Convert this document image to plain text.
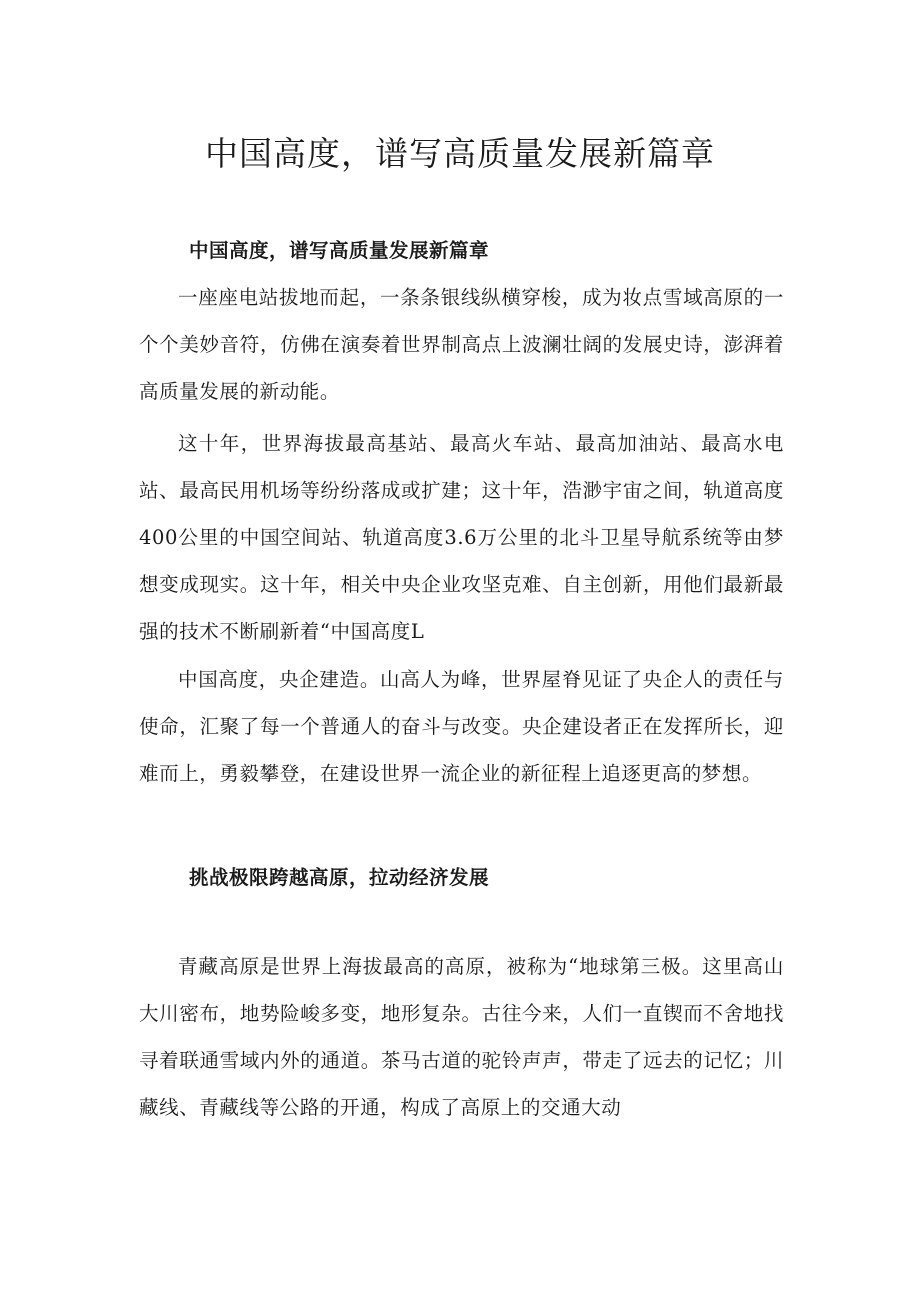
中国高度，谱写高质量发展新篇章
中国高度，谱写高质量发展新篇章

一座座电站拔地而起，一条条银线纵横穿梭，成为妆点雪域高原的一个个美妙音符，仿佛在演奏着世界制高点上波澜壮阔的发展史诗，澎湃着高质量发展的新动能。

这十年，世界海拔最高基站、最高火车站、最高加油站、最高水电站、最高民用机场等纷纷落成或扩建；这十年，浩渺宇宙之间，轨道高度400公里的中国空间站、轨道高度3.6万公里的北斗卫星导航系统等由梦想变成现实。这十年，相关中央企业攻坚克难、自主创新，用他们最新最强的技术不断刷新着“中国高度L

中国高度，央企建造。山高人为峰，世界屋脊见证了央企人的责任与使命，汇聚了每一个普通人的奋斗与改变。央企建设者正在发挥所长，迎难而上，勇毅攀登，在建设世界一流企业的新征程上追逐更高的梦想。

挑战极限跨越高原，拉动经济发展

青藏高原是世界上海拔最高的高原，被称为“地球第三极。这里高山大川密布，地势险峻多变，地形复杂。古往今来，人们一直锲而不舍地找寻着联通雪域内外的通道。茶马古道的驼铃声声，带走了远去的记忆；川藏线、青藏线等公路的开通，构成了高原上的交通大动
